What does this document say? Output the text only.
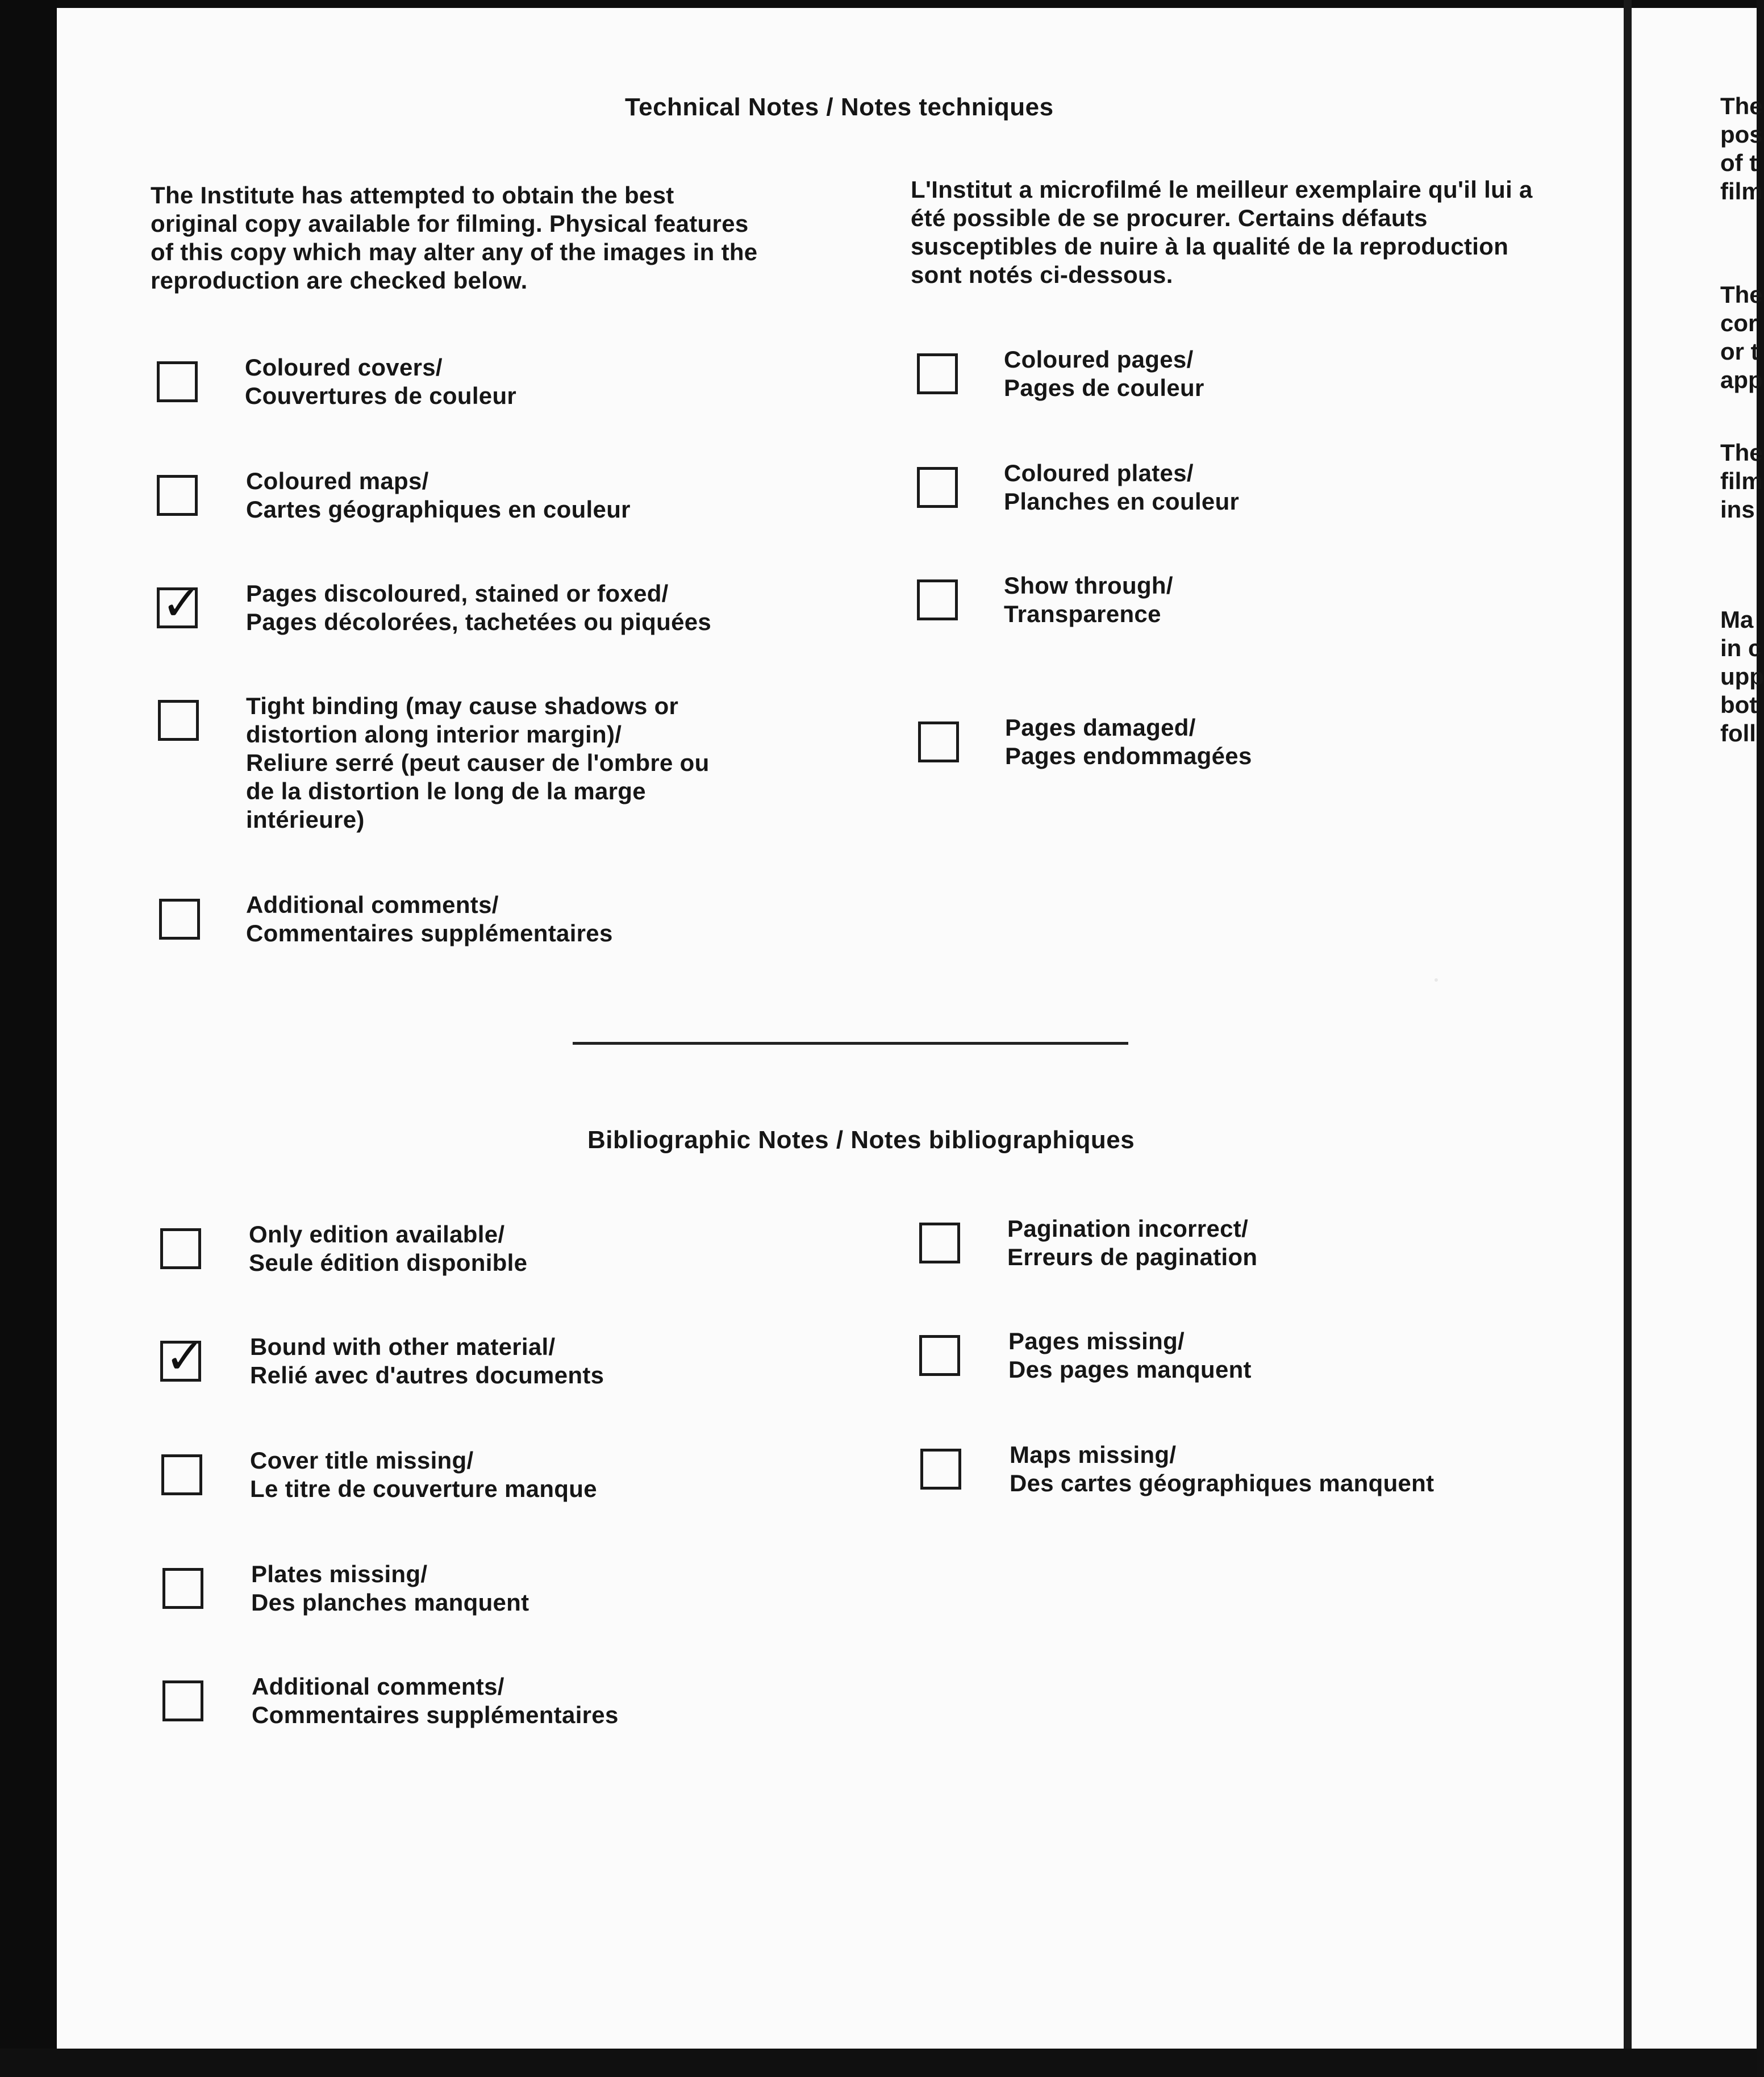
Technical Notes / Notes techniques
The Institute has attempted to obtain the best original copy available for filming. Physical features of this copy which may alter any of the images in the reproduction are checked below.
L'Institut a microfilmé le meilleur exemplaire qu'il lui a été possible de se procurer. Certains défauts susceptibles de nuire à la qualité de la reproduction sont notés ci-dessous.
Coloured covers/
Couvertures de couleur
Coloured maps/
Cartes géographiques en couleur
✓ Pages discoloured, stained or foxed/
Pages décolorées, tachetées ou piquées
Tight binding (may cause shadows or
distortion along interior margin)/
Reliure serré (peut causer de l'ombre ou
de la distortion le long de la marge
intérieure)
Additional comments/
Commentaires supplémentaires
Coloured pages/
Pages de couleur
Coloured plates/
Planches en couleur
Show through/
Transparence
Pages damaged/
Pages endommagées
Bibliographic Notes / Notes bibliographiques
Only edition available/
Seule édition disponible
✓ Bound with other material/
Relié avec d'autres documents
Cover title missing/
Le titre de couverture manque
Plates missing/
Des planches manquent
Additional comments/
Commentaires supplémentaires
Pagination incorrect/
Erreurs de pagination
Pages missing/
Des pages manquent
Maps missing/
Des cartes géographiques manquent
The
pos
of t
film
The
cor
or t
app
The
film
ins
Ma
in c
upp
bot
foll
